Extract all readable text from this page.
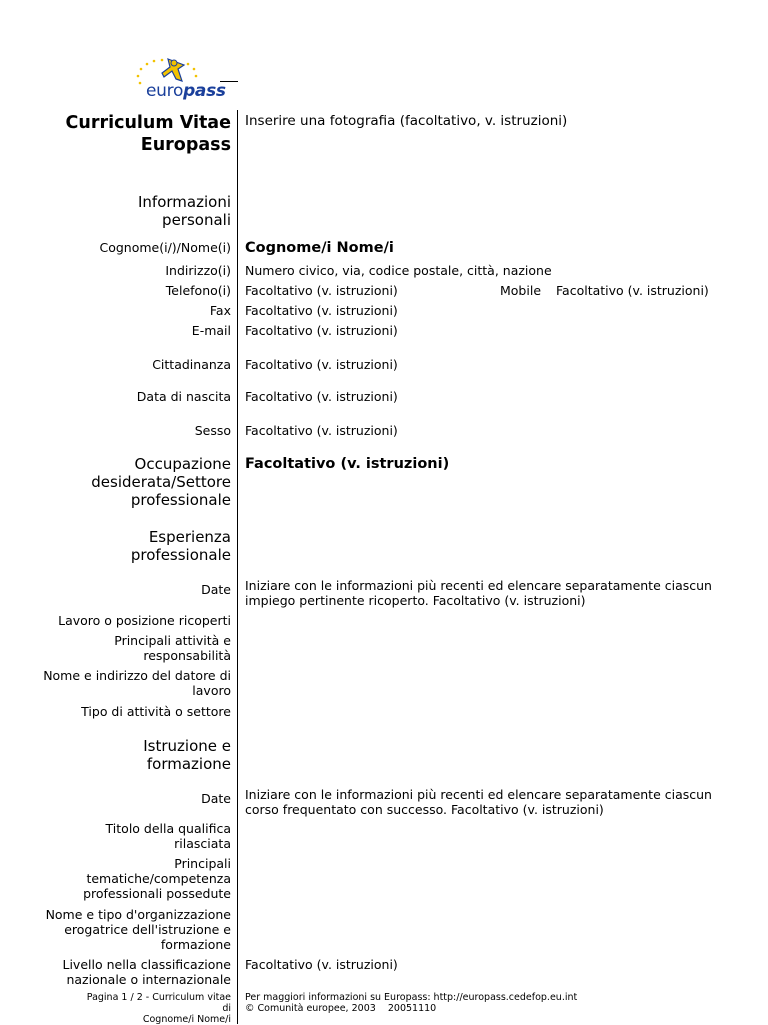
europass
Curriculum Vitae
Europass
Inserire una fotografia (facoltativo, v. istruzioni)
Informazioni
personali
Cognome(i/)/Nome(i) Cognome/i Nome/i
Indirizzo(i) Numero civico, via, codice postale, città, nazione
Telefono(i) Facoltativo (v. istruzioni)	Mobile Facoltativo (v. istruzioni)
Fax Facoltativo (v. istruzioni)
E-mail Facoltativo (v. istruzioni)
Cittadinanza Facoltativo (v. istruzioni)
Data di nascita Facoltativo (v. istruzioni)
Sesso Facoltativo (v. istruzioni)
Occupazione
desiderata/Settore
professionale
Facoltativo (v. istruzioni)
Esperienza
professionale
Date Iniziare con le informazioni più recenti ed elencare separatamente ciascun impiego pertinente ricoperto. Facoltativo (v. istruzioni)
Lavoro o posizione ricoperti
Principali attività e responsabilità
Nome e indirizzo del datore di lavoro
Tipo di attività o settore
Istruzione e
formazione
Date Iniziare con le informazioni più recenti ed elencare separatamente ciascun corso frequentato con successo. Facoltativo (v. istruzioni)
Titolo della qualifica rilasciata
Principali tematiche/competenza professionali possedute
Nome e tipo d'organizzazione erogatrice dell'istruzione e formazione
Livello nella classificazione nazionale o internazionale
Facoltativo (v. istruzioni)
Pagina 1 / 2 - Curriculum vitae
di
Cognome/i Nome/i
Per maggiori informazioni su Europass: http://europass.cedefop.eu.int
© Comunità europee, 2003    20051110
